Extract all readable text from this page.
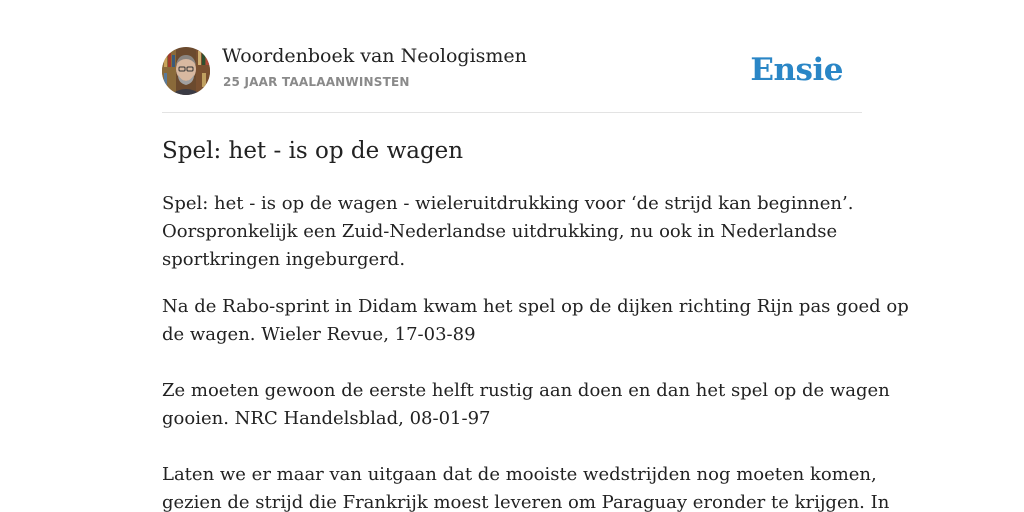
Woordenboek van Neologismen
25 JAAR TAALAANWINSTEN	Ensie
Spel: het - is op de wagen

Spel: het - is op de wagen - wieleruitdrukking voor ‘de strijd kan beginnen’.
Oorspronkelijk een Zuid-Nederlandse uitdrukking, nu ook in Nederlandse
sportkringen ingeburgerd.

Na de Rabo-sprint in Didam kwam het spel op de dijken richting Rijn pas goed op
de wagen. Wieler Revue, 17-03-89

Ze moeten gewoon de eerste helft rustig aan doen en dan het spel op de wagen
gooien. NRC Handelsblad, 08-01-97

Laten we er maar van uitgaan dat de mooiste wedstrijden nog moeten komen,
gezien de strijd die Frankrijk moest leveren om Paraguay eronder te krijgen. In
